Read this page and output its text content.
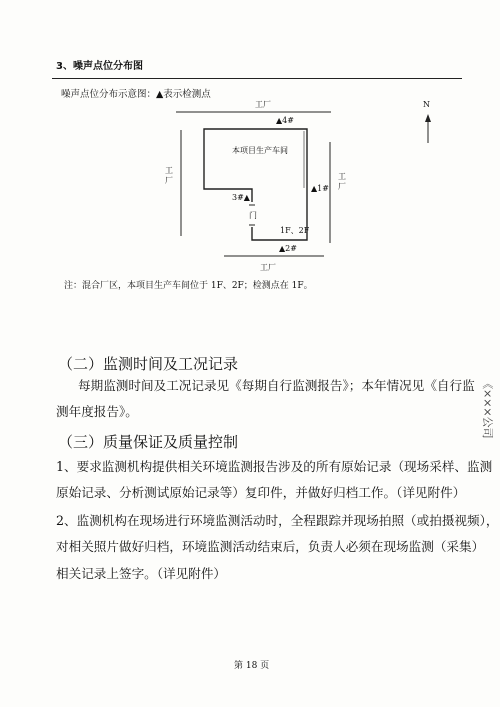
3、噪声点位分布图
噪声点位分布示意图：▲表示检测点
工厂
工
厂	工
厂
工厂
本项目生产车间
1F、2F
门
N
▲1#
▲2#
3#▲
▲4#
注：混合厂区，本项目生产车间位于 1F、2F；检测点在 1F。
（二）监测时间及工况记录
每期监测时间及工况记录见《每期自行监测报告》；本年情况见《自行监
测年度报告》。
（三）质量保证及质量控制
1、要求监测机构提供相关环境监测报告涉及的所有原始记录（现场采样、监测
原始记录、分析测试原始记录等）复印件，并做好归档工作。（详见附件）
2、监测机构在现场进行环境监测活动时，全程跟踪并现场拍照（或拍摄视频），
对相关照片做好归档，环境监测活动结束后，负责人必须在现场监测（采集）
相关记录上签字。（详见附件）
《×××公司
第 18 页
